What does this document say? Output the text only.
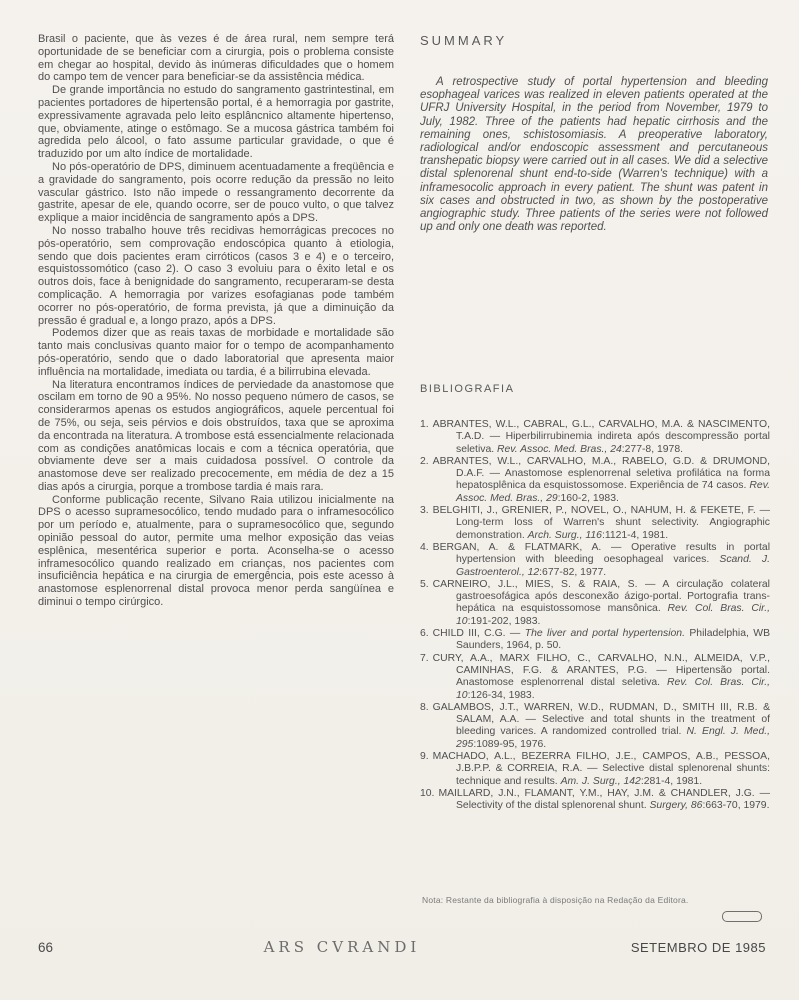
Brasil o paciente, que às vezes é de área rural, nem sempre terá oportunidade de se beneficiar com a cirurgia, pois o problema consiste em chegar ao hospital, devido às inúmeras dificuldades que o homem do campo tem de vencer para beneficiar-se da assistência médica.

De grande importância no estudo do sangramento gastrintestinal, em pacientes portadores de hipertensão portal, é a hemorragia por gastrite, expressivamente agravada pelo leito esplâncnico altamente hipertenso, que, obviamente, atinge o estômago. Se a mucosa gástrica também foi agredida pelo álcool, o fato assume particular gravidade, o que é traduzido por um alto índice de mortalidade.

No pós-operatório de DPS, diminuem acentuadamente a freqüência e a gravidade do sangramento, pois ocorre redução da pressão no leito vascular gástrico. Isto não impede o ressangramento decorrente da gastrite, apesar de ele, quando ocorre, ser de pouco vulto, o que talvez explique a maior incidência de sangramento após a DPS.

No nosso trabalho houve três recidivas hemorrágicas precoces no pós-operatório, sem comprovação endoscópica quanto à etiologia, sendo que dois pacientes eram cirróticos (casos 3 e 4) e o terceiro, esquistossomótico (caso 2). O caso 3 evoluiu para o êxito letal e os outros dois, face à benignidade do sangramento, recuperaram-se desta complicação. A hemorragia por varizes esofagianas pode também ocorrer no pós-operatório, de forma prevista, já que a diminuição da pressão é gradual e, a longo prazo, após a DPS.

Podemos dizer que as reais taxas de morbidade e mortalidade são tanto mais conclusivas quanto maior for o tempo de acompanhamento pós-operatório, sendo que o dado laboratorial que apresenta maior influência na mortalidade, imediata ou tardia, é a bilirrubina elevada.

Na literatura encontramos índices de perviedade da anastomose que oscilam em torno de 90 a 95%. No nosso pequeno número de casos, se considerarmos apenas os estudos angiográficos, aquele percentual foi de 75%, ou seja, seis pérvios e dois obstruídos, taxa que se aproxima da encontrada na literatura. A trombose está essencialmente relacionada com as condições anatômicas locais e com a técnica operatória, que obviamente deve ser a mais cuidadosa possível. O controle da anastomose deve ser realizado precocemente, em média de dez a 15 dias após a cirurgia, porque a trombose tardia é mais rara.

Conforme publicação recente, Silvano Raia utilizou inicialmente na DPS o acesso supramesocólico, tendo mudado para o inframesocólico por um período e, atualmente, para o supramesocólico que, segundo opinião pessoal do autor, permite uma melhor exposição das veias esplênica, mesentérica superior e porta. Aconselha-se o acesso inframesocólico quando realizado em crianças, nos pacientes com insuficiência hepática e na cirurgia de emergência, pois este acesso à anastomose esplenorrenal distal provoca menor perda sangüínea e diminui o tempo cirúrgico.

SUMMARY

A retrospective study of portal hypertension and bleeding esophageal varices was realized in eleven patients operated at the UFRJ University Hospital, in the period from November, 1979 to July, 1982. Three of the patients had hepatic cirrhosis and the remaining ones, schistosomiasis. A preoperative laboratory, radiological and/or endoscopic assessment and percutaneous transhepatic biopsy were carried out in all cases. We did a selective distal splenorenal shunt end-to-side (Warren's technique) with a inframesocolic approach in every patient. The shunt was patent in six cases and obstructed in two, as shown by the postoperative angiographic study. Three patients of the series were not followed up and only one death was reported.

BIBLIOGRAFIA
1. ABRANTES, W.L., CABRAL, G.L., CARVALHO, M.A. & NASCIMENTO, T.A.D. — Hiperbilirrubinemia indireta após descompressão portal seletiva. Rev. Assoc. Med. Bras., 24:277-8, 1978.
2. ABRANTES, W.L., CARVALHO, M.A., RABELO, G.D. & DRUMOND, D.A.F. — Anastomose esplenorrenal seletiva profilática na forma hepatosplênica da esquistossomose. Experiência de 74 casos. Rev. Assoc. Med. Bras., 29:160-2, 1983.
3. BELGHITI, J., GRENIER, P., NOVEL, O., NAHUM, H. & FEKETE, F. — Long-term loss of Warren's shunt selectivity. Angiographic demonstration. Arch. Surg., 116:1121-4, 1981.
4. BERGAN, A. & FLATMARK, A. — Operative results in portal hypertension with bleeding oesophageal varices. Scand. J. Gastroenterol., 12:677-82, 1977.
5. CARNEIRO, J.L., MIES, S. & RAIA, S. — A circulação colateral gastroesofágica após desconexão ázigo-portal. Portografia trans-hepática na esquistossomose mansônica. Rev. Col. Bras. Cir., 10:191-202, 1983.
6. CHILD III, C.G. — The liver and portal hypertension. Philadelphia, WB Saunders, 1964, p. 50.
7. CURY, A.A., MARX FILHO, C., CARVALHO, N.N., ALMEIDA, V.P., CAMINHAS, F.G. & ARANTES, P.G. — Hipertensão portal. Anastomose esplenorrenal distal seletiva. Rev. Col. Bras. Cir., 10:126-34, 1983.
8. GALAMBOS, J.T., WARREN, W.D., RUDMAN, D., SMITH III, R.B. & SALAM, A.A. — Selective and total shunts in the treatment of bleeding varices. A randomized controlled trial. N. Engl. J. Med., 295:1089-95, 1976.
9. MACHADO, A.L., BEZERRA FILHO, J.E., CAMPOS, A.B., PESSOA, J.B.P.P. & CORREIA, R.A. — Selective distal splenorenal shunts: technique and results. Am. J. Surg., 142:281-4, 1981.
10. MAILLARD, J.N., FLAMANT, Y.M., HAY, J.M. & CHANDLER, J.G. — Selectivity of the distal splenorenal shunt. Surgery, 86:663-70, 1979.

Nota: Restante da bibliografia à disposição na Redação da Editora.

66	ARS CVRANDI	SETEMBRO DE 1985
